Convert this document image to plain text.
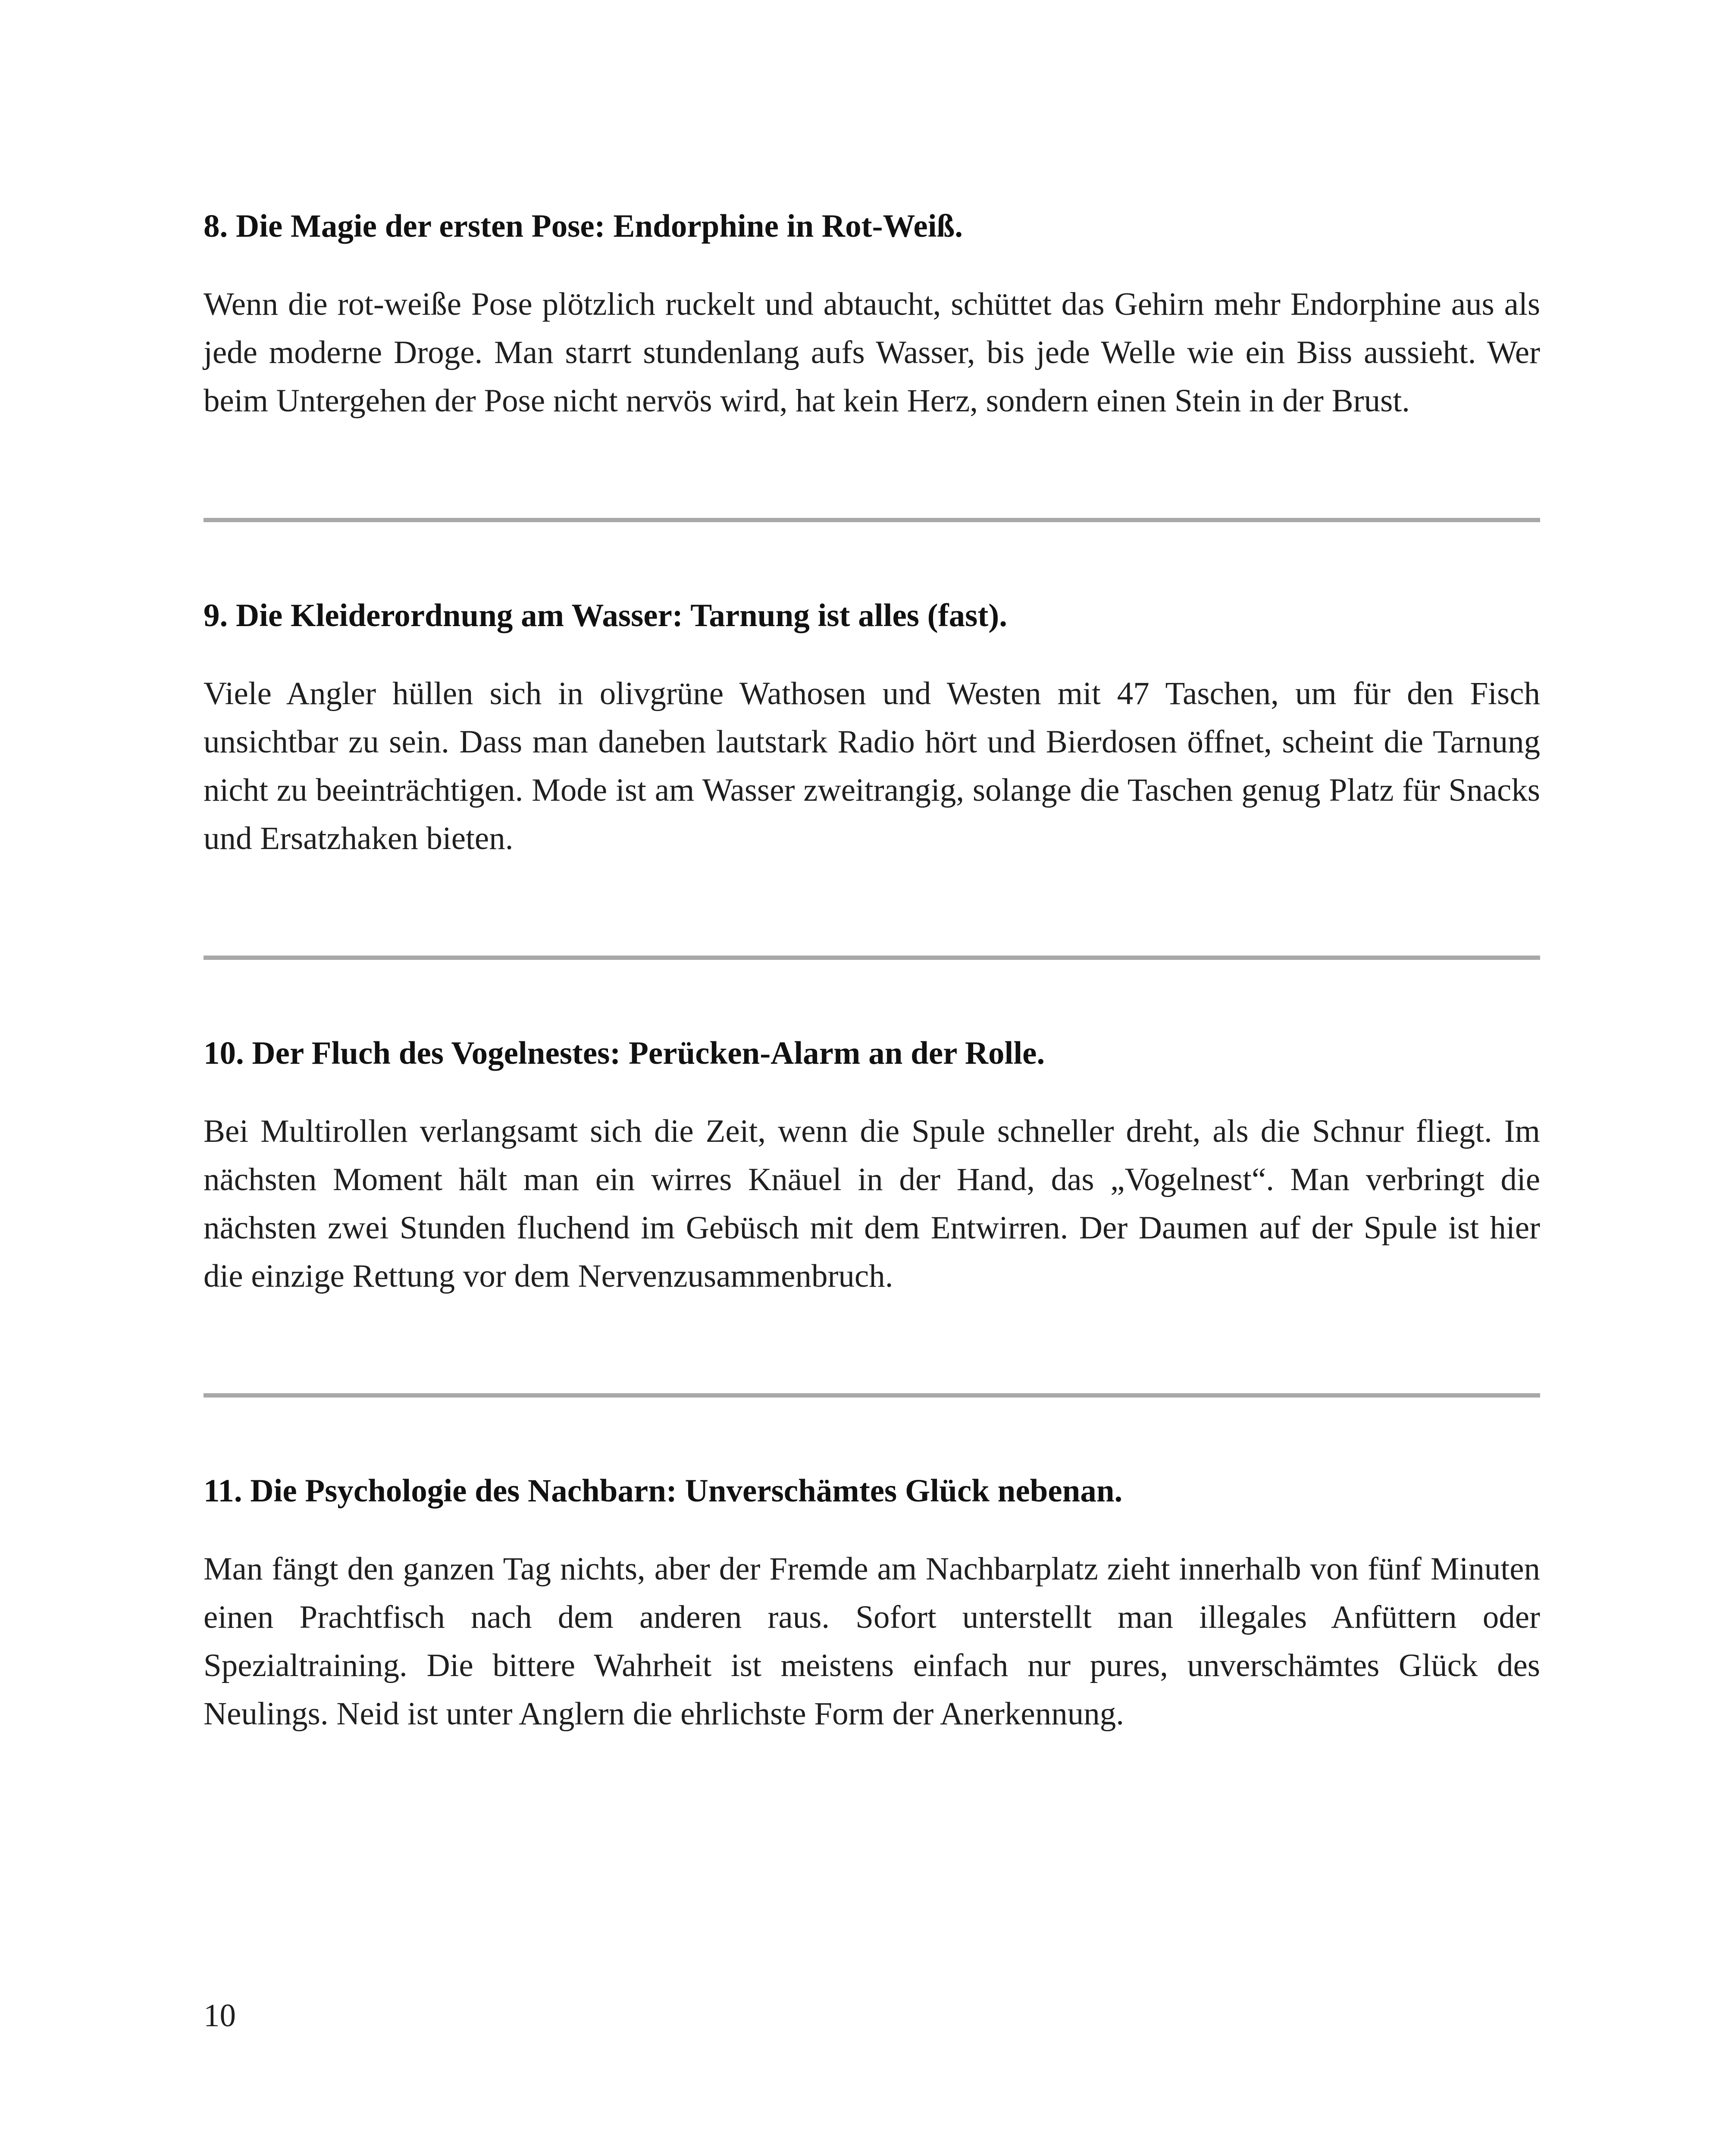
8. Die Magie der ersten Pose: Endorphine in Rot-Weiß.

Wenn die rot-weiße Pose plötzlich ruckelt und abtaucht, schüttet das Gehirn mehr Endorphine aus als jede moderne Droge. Man starrt stundenlang aufs Wasser, bis jede Welle wie ein Biss aussieht. Wer beim Untergehen der Pose nicht nervös wird, hat kein Herz, sondern einen Stein in der Brust.

9. Die Kleiderordnung am Wasser: Tarnung ist alles (fast).

Viele Angler hüllen sich in olivgrüne Wathosen und Westen mit 47 Taschen, um für den Fisch unsichtbar zu sein. Dass man daneben lautstark Radio hört und Bierdosen öffnet, scheint die Tarnung nicht zu beeinträchtigen. Mode ist am Wasser zweitrangig, solange die Taschen genug Platz für Snacks und Ersatzhaken bieten.

10. Der Fluch des Vogelnestes: Perücken-Alarm an der Rolle.

Bei Multirollen verlangsamt sich die Zeit, wenn die Spule schneller dreht, als die Schnur fliegt. Im nächsten Moment hält man ein wirres Knäuel in der Hand, das „Vogelnest“. Man verbringt die nächsten zwei Stunden fluchend im Gebüsch mit dem Entwirren. Der Daumen auf der Spule ist hier die einzige Rettung vor dem Nervenzusammenbruch.

11. Die Psychologie des Nachbarn: Unverschämtes Glück nebenan.

Man fängt den ganzen Tag nichts, aber der Fremde am Nachbarplatz zieht innerhalb von fünf Minuten einen Prachtfisch nach dem anderen raus. Sofort unterstellt man illegales Anfüttern oder Spezialtraining. Die bittere Wahrheit ist meistens einfach nur pures, unverschämtes Glück des Neulings. Neid ist unter Anglern die ehrlichste Form der Anerkennung.

10
